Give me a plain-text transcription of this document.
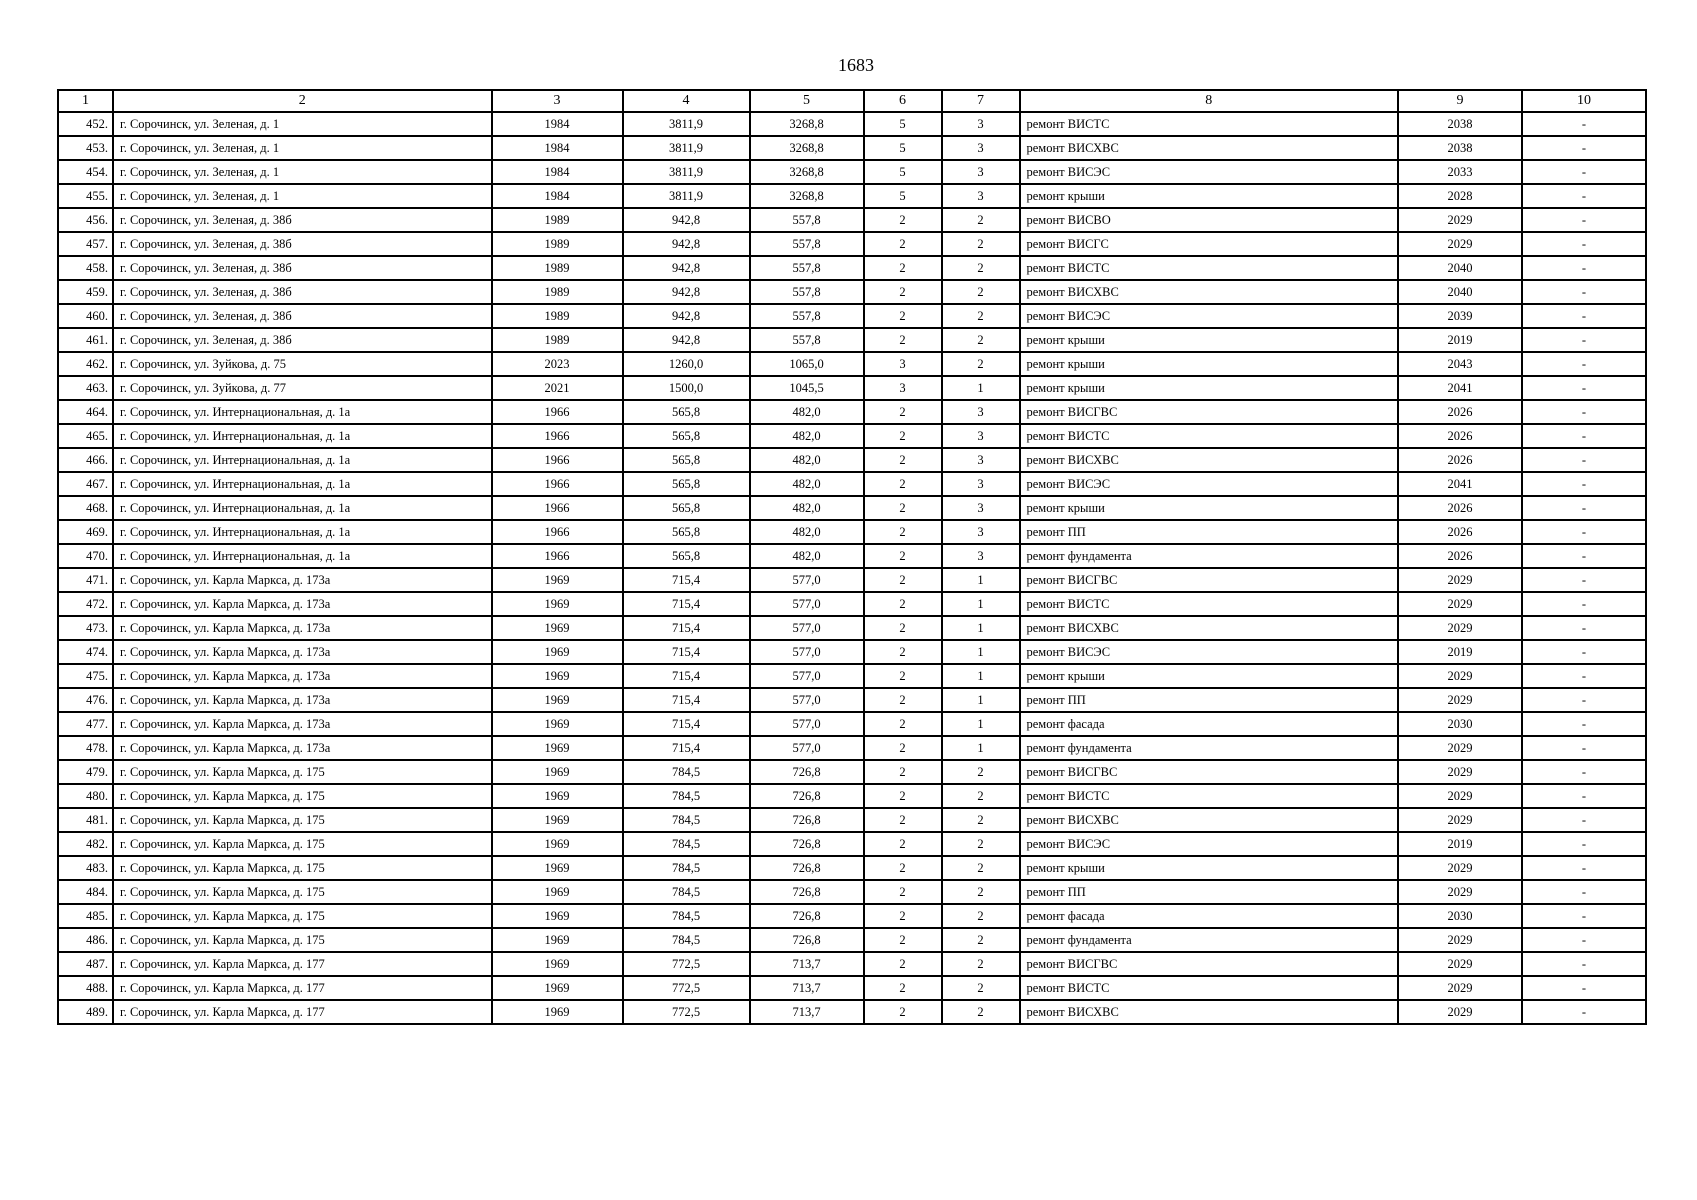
1683
1	2	3	4	5	6	7	8	9	10
452.	г. Сорочинск, ул. Зеленая, д. 1	1984	3811,9	3268,8	5	3	ремонт ВИСТС	2038	-
453.	г. Сорочинск, ул. Зеленая, д. 1	1984	3811,9	3268,8	5	3	ремонт ВИСХВС	2038	-
454.	г. Сорочинск, ул. Зеленая, д. 1	1984	3811,9	3268,8	5	3	ремонт ВИСЭС	2033	-
455.	г. Сорочинск, ул. Зеленая, д. 1	1984	3811,9	3268,8	5	3	ремонт крыши	2028	-
456.	г. Сорочинск, ул. Зеленая, д. 38б	1989	942,8	557,8	2	2	ремонт ВИСВО	2029	-
457.	г. Сорочинск, ул. Зеленая, д. 38б	1989	942,8	557,8	2	2	ремонт ВИСГС	2029	-
458.	г. Сорочинск, ул. Зеленая, д. 38б	1989	942,8	557,8	2	2	ремонт ВИСТС	2040	-
459.	г. Сорочинск, ул. Зеленая, д. 38б	1989	942,8	557,8	2	2	ремонт ВИСХВС	2040	-
460.	г. Сорочинск, ул. Зеленая, д. 38б	1989	942,8	557,8	2	2	ремонт ВИСЭС	2039	-
461.	г. Сорочинск, ул. Зеленая, д. 38б	1989	942,8	557,8	2	2	ремонт крыши	2019	-
462.	г. Сорочинск, ул. Зуйкова, д. 75	2023	1260,0	1065,0	3	2	ремонт крыши	2043	-
463.	г. Сорочинск, ул. Зуйкова, д. 77	2021	1500,0	1045,5	3	1	ремонт крыши	2041	-
464.	г. Сорочинск, ул. Интернациональная, д. 1а	1966	565,8	482,0	2	3	ремонт ВИСГВС	2026	-
465.	г. Сорочинск, ул. Интернациональная, д. 1а	1966	565,8	482,0	2	3	ремонт ВИСТС	2026	-
466.	г. Сорочинск, ул. Интернациональная, д. 1а	1966	565,8	482,0	2	3	ремонт ВИСХВС	2026	-
467.	г. Сорочинск, ул. Интернациональная, д. 1а	1966	565,8	482,0	2	3	ремонт ВИСЭС	2041	-
468.	г. Сорочинск, ул. Интернациональная, д. 1а	1966	565,8	482,0	2	3	ремонт крыши	2026	-
469.	г. Сорочинск, ул. Интернациональная, д. 1а	1966	565,8	482,0	2	3	ремонт ПП	2026	-
470.	г. Сорочинск, ул. Интернациональная, д. 1а	1966	565,8	482,0	2	3	ремонт фундамента	2026	-
471.	г. Сорочинск, ул. Карла Маркса, д. 173а	1969	715,4	577,0	2	1	ремонт ВИСГВС	2029	-
472.	г. Сорочинск, ул. Карла Маркса, д. 173а	1969	715,4	577,0	2	1	ремонт ВИСТС	2029	-
473.	г. Сорочинск, ул. Карла Маркса, д. 173а	1969	715,4	577,0	2	1	ремонт ВИСХВС	2029	-
474.	г. Сорочинск, ул. Карла Маркса, д. 173а	1969	715,4	577,0	2	1	ремонт ВИСЭС	2019	-
475.	г. Сорочинск, ул. Карла Маркса, д. 173а	1969	715,4	577,0	2	1	ремонт крыши	2029	-
476.	г. Сорочинск, ул. Карла Маркса, д. 173а	1969	715,4	577,0	2	1	ремонт ПП	2029	-
477.	г. Сорочинск, ул. Карла Маркса, д. 173а	1969	715,4	577,0	2	1	ремонт фасада	2030	-
478.	г. Сорочинск, ул. Карла Маркса, д. 173а	1969	715,4	577,0	2	1	ремонт фундамента	2029	-
479.	г. Сорочинск, ул. Карла Маркса, д. 175	1969	784,5	726,8	2	2	ремонт ВИСГВС	2029	-
480.	г. Сорочинск, ул. Карла Маркса, д. 175	1969	784,5	726,8	2	2	ремонт ВИСТС	2029	-
481.	г. Сорочинск, ул. Карла Маркса, д. 175	1969	784,5	726,8	2	2	ремонт ВИСХВС	2029	-
482.	г. Сорочинск, ул. Карла Маркса, д. 175	1969	784,5	726,8	2	2	ремонт ВИСЭС	2019	-
483.	г. Сорочинск, ул. Карла Маркса, д. 175	1969	784,5	726,8	2	2	ремонт крыши	2029	-
484.	г. Сорочинск, ул. Карла Маркса, д. 175	1969	784,5	726,8	2	2	ремонт ПП	2029	-
485.	г. Сорочинск, ул. Карла Маркса, д. 175	1969	784,5	726,8	2	2	ремонт фасада	2030	-
486.	г. Сорочинск, ул. Карла Маркса, д. 175	1969	784,5	726,8	2	2	ремонт фундамента	2029	-
487.	г. Сорочинск, ул. Карла Маркса, д. 177	1969	772,5	713,7	2	2	ремонт ВИСГВС	2029	-
488.	г. Сорочинск, ул. Карла Маркса, д. 177	1969	772,5	713,7	2	2	ремонт ВИСТС	2029	-
489.	г. Сорочинск, ул. Карла Маркса, д. 177	1969	772,5	713,7	2	2	ремонт ВИСХВС	2029	-
